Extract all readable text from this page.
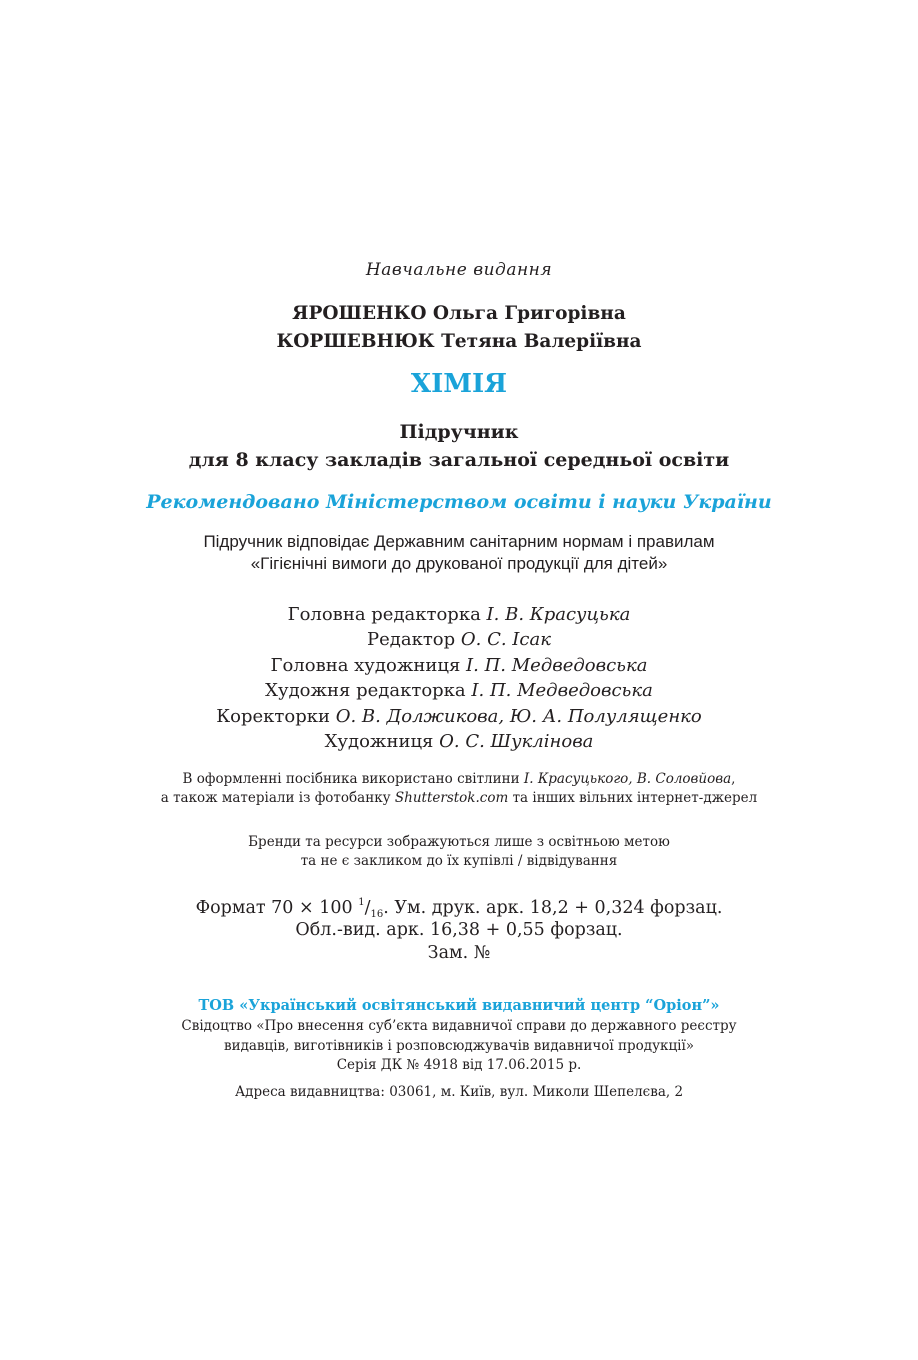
Навчальне видання
ЯРОШЕНКО Ольга Григорівна
КОРШЕВНЮК Тетяна Валеріївна
ХІМІЯ
Підручник
для 8 класу закладів загальної середньої освіти
Рекомендовано Міністерством освіти і науки України
Підручник відповідає Державним санітарним нормам і правилам
«Гігієнічні вимоги до друкованої продукції для дітей»
Головна редакторка І. В. Красуцька
Редактор О. С. Ісак
Головна художниця І. П. Медведовська
Художня редакторка І. П. Медведовська
Коректорки О. В. Должикова, Ю. А. Полулященко
Художниця О. С. Шуклінова
В оформленні посібника використано світлини І. Красуцького, В. Соловйова,
а також матеріали із фотобанку Shutterstok.com та інших вільних інтернет-джерел
Бренди та ресурси зображуються лише з освітньою метою
та не є закликом до їх купівлі / відвідування
Формат 70 × 100 $^1/_{16}$. Ум. друк. арк. 18,2 + 0,324 форзац.
Обл.-вид. арк. 16,38 + 0,55 форзац.
Зам. №
ТОВ «Український освітянський видавничий центр “Оріон”»
Свідоцтво «Про внесення суб’єкта видавничої справи до державного реєстру
видавців, виготівників і розповсюджувачів видавничої продукції»
Серія ДК № 4918 від 17.06.2015 р.
Адреса видавництва: 03061, м. Київ, вул. Миколи Шепелєва, 2
